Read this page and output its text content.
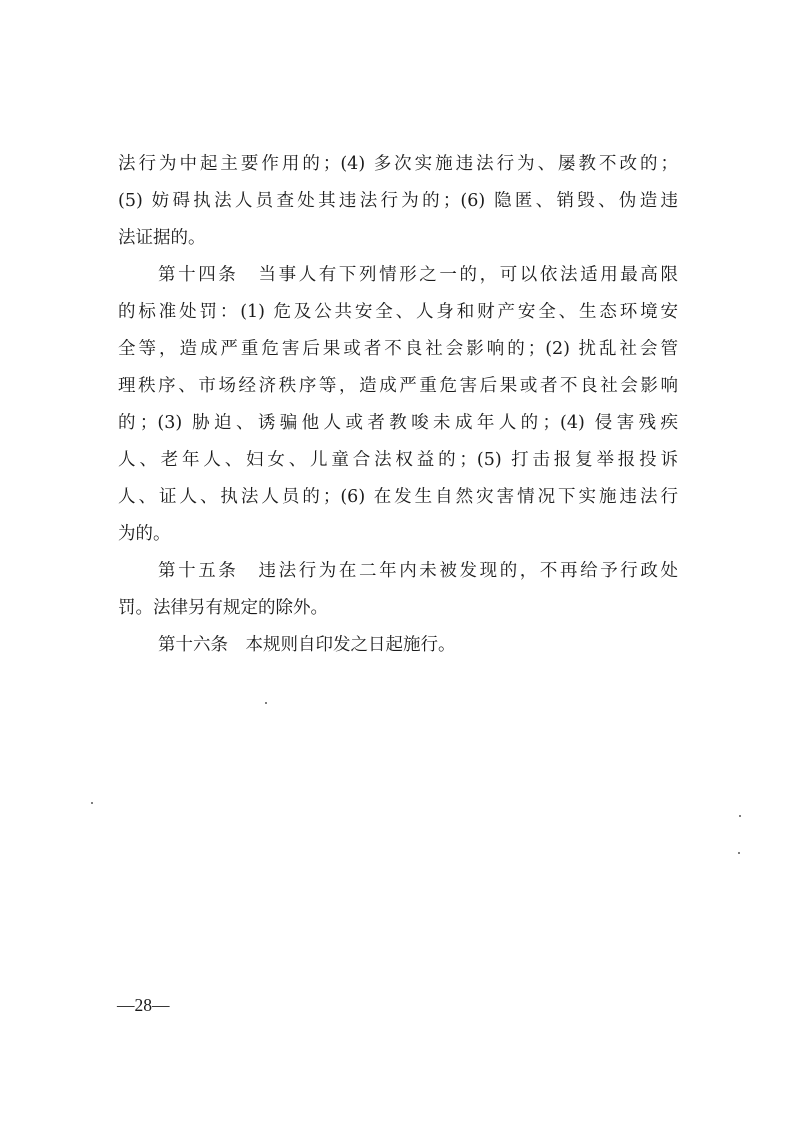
法行为中起主要作用的；(4) 多次实施违法行为、屡教不改的；
(5) 妨碍执法人员查处其违法行为的；(6) 隐匿、销毁、伪造违
法证据的。
第十四条　当事人有下列情形之一的，可以依法适用最高限
的标准处罚：(1) 危及公共安全、人身和财产安全、生态环境安
全等，造成严重危害后果或者不良社会影响的；(2) 扰乱社会管
理秩序、市场经济秩序等，造成严重危害后果或者不良社会影响
的；(3) 胁迫、诱骗他人或者教唆未成年人的；(4) 侵害残疾
人、老年人、妇女、儿童合法权益的；(5) 打击报复举报投诉
人、证人、执法人员的；(6) 在发生自然灾害情况下实施违法行
为的。
第十五条　违法行为在二年内未被发现的，不再给予行政处
罚。法律另有规定的除外。
第十六条　本规则自印发之日起施行。
—28—
